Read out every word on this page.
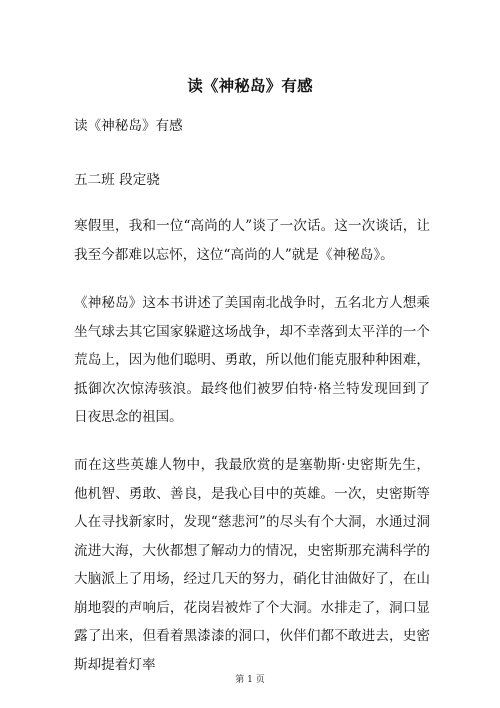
读《神秘岛》有感
读《神秘岛》有感
五二班 段定骁
寒假里，我和一位“高尚的人”谈了一次话。这一次谈话，让我至今都难以忘怀，这位“高尚的人”就是《神秘岛》。
《神秘岛》这本书讲述了美国南北战争时，五名北方人想乘坐气球去其它国家躲避这场战争，却不幸落到太平洋的一个荒岛上，因为他们聪明、勇敢，所以他们能克服种种困难，抵御次次惊涛骇浪。最终他们被罗伯特·格兰特发现回到了日夜思念的祖国。
而在这些英雄人物中，我最欣赏的是塞勒斯·史密斯先生，他机智、勇敢、善良，是我心目中的英雄。一次，史密斯等人在寻找新家时，发现“慈悲河”的尽头有个大洞，水通过洞流进大海，大伙都想了解动力的情况，史密斯那充满科学的大脑派上了用场，经过几天的努力，硝化甘油做好了，在山崩地裂的声响后，花岗岩被炸了个大洞。水排走了，洞口显露了出来，但看着黑漆漆的洞口，伙伴们都不敢进去，史密斯却提着灯率
第 1 页
